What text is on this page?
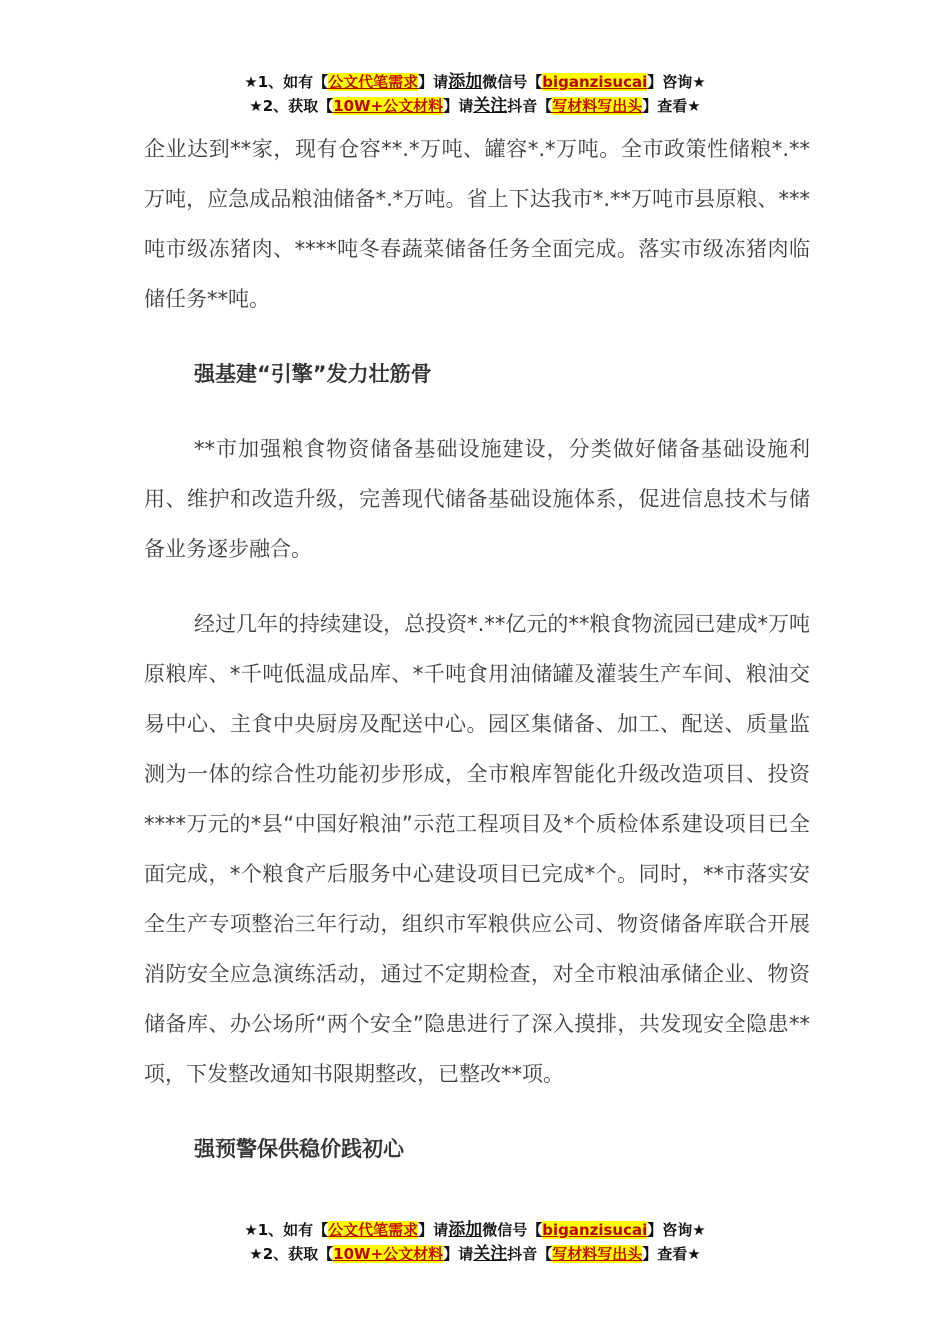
★1、如有【公文代笔需求】请添加微信号【biganzisucai】咨询★
★2、获取【10W+公文材料】请关注抖音【写材料写出头】查看★

企业达到**家，现有仓容**.*万吨、罐容*.*万吨。全市政策性储粮*.**万吨，应急成品粮油储备*.*万吨。省上下达我市*.**万吨市县原粮、***吨市级冻猪肉、****吨冬春蔬菜储备任务全面完成。落实市级冻猪肉临储任务**吨。

强基建“引擎”发力壮筋骨

**市加强粮食物资储备基础设施建设，分类做好储备基础设施利用、维护和改造升级，完善现代储备基础设施体系，促进信息技术与储备业务逐步融合。

经过几年的持续建设，总投资*.**亿元的**粮食物流园已建成*万吨原粮库、*千吨低温成品库、*千吨食用油储罐及灌装生产车间、粮油交易中心、主食中央厨房及配送中心。园区集储备、加工、配送、质量监测为一体的综合性功能初步形成，全市粮库智能化升级改造项目、投资****万元的*县“中国好粮油”示范工程项目及*个质检体系建设项目已全面完成，*个粮食产后服务中心建设项目已完成*个。同时，**市落实安全生产专项整治三年行动，组织市军粮供应公司、物资储备库联合开展消防安全应急演练活动，通过不定期检查，对全市粮油承储企业、物资储备库、办公场所“两个安全”隐患进行了深入摸排，共发现安全隐患**项，下发整改通知书限期整改，已整改**项。

强预警保供稳价践初心
★1、如有【公文代笔需求】请添加微信号【biganzisucai】咨询★
★2、获取【10W+公文材料】请关注抖音【写材料写出头】查看★
